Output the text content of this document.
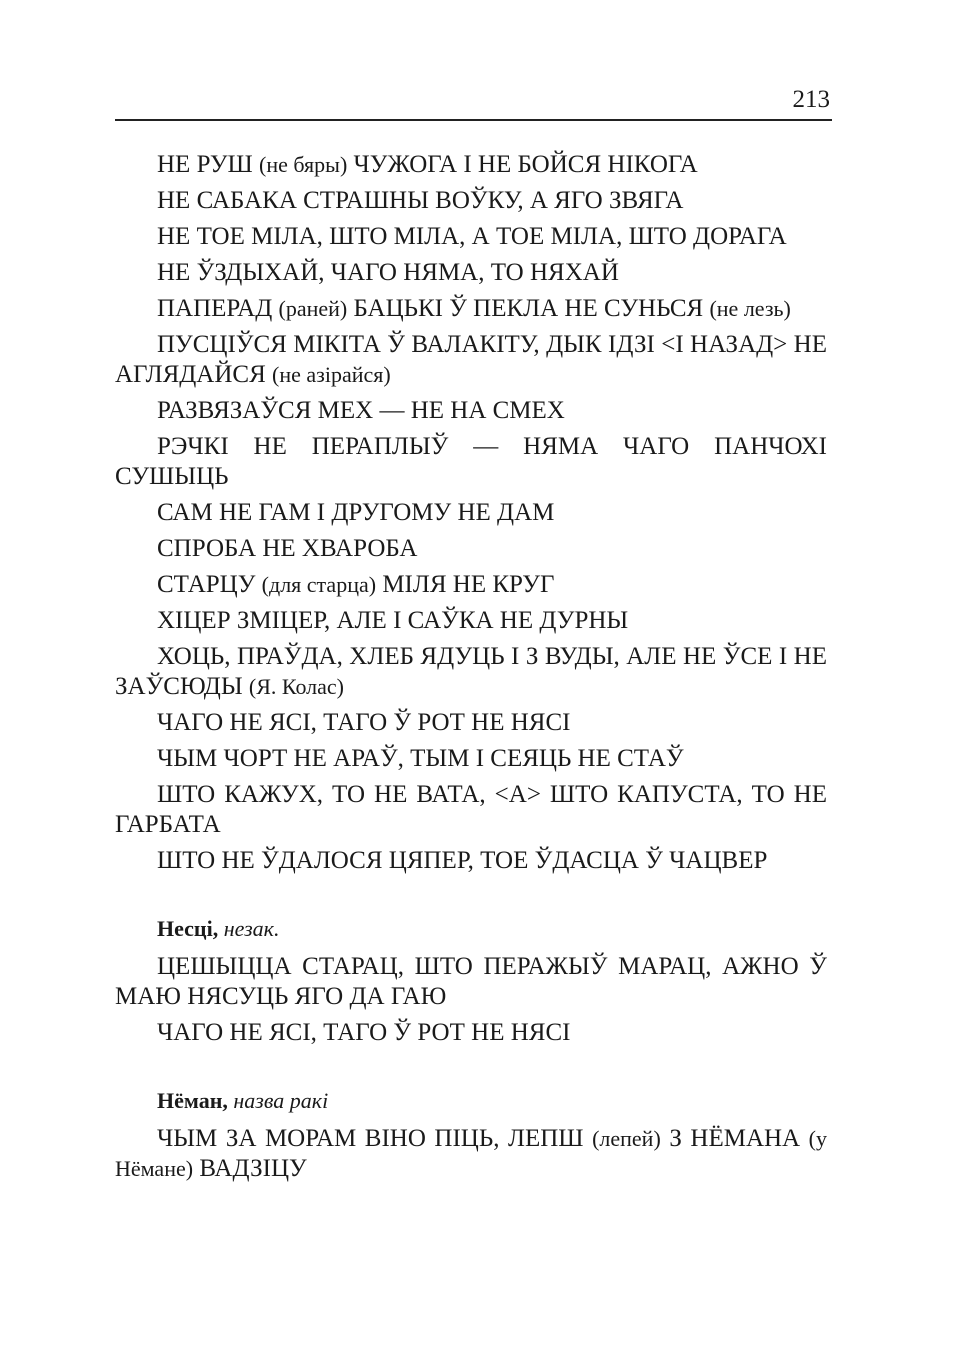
213

НЕ РУШ (не бяры) ЧУЖОГА І НЕ БОЙСЯ НІКОГА

НЕ САБАКА СТРАШНЫ ВОЎКУ, А ЯГО ЗВЯГА

НЕ ТОЕ МІЛА, ШТО МІЛА, А ТОЕ МІЛА, ШТО ДОРАГА

НЕ ЎЗДЫХАЙ, ЧАГО НЯМА, ТО НЯХАЙ

ПАПЕРАД (раней) БАЦЬКІ Ў ПЕКЛА НЕ СУНЬСЯ (не лезь)

ПУСЦІЎСЯ МІКІТА Ў ВАЛАКІТУ, ДЫК ІДЗІ <І НАЗАД> НЕ АГЛЯДАЙСЯ (не азірайся)

РАЗВЯЗАЎСЯ МЕХ — НЕ НА СМЕХ

РЭЧКІ НЕ ПЕРАПЛЫЎ — НЯМА ЧАГО ПАНЧОХІ СУШЫЦЬ

САМ НЕ ГАМ І ДРУГОМУ НЕ ДАМ

СПРОБА НЕ ХВАРОБА

СТАРЦУ (для старца) МІЛЯ НЕ КРУГ

ХІЦЕР ЗМІЦЕР, АЛЕ І САЎКА НЕ ДУРНЫ

ХОЦЬ, ПРАЎДА, ХЛЕБ ЯДУЦЬ І З ВУДЫ, АЛЕ НЕ ЎСЕ І НЕ ЗАЎСЮДЫ (Я. Колас)

ЧАГО НЕ ЯСІ, ТАГО Ў РОТ НЕ НЯСІ

ЧЫМ ЧОРТ НЕ АРАЎ, ТЫМ І СЕЯЦЬ НЕ СТАЎ

ШТО КАЖУХ, ТО НЕ ВАТА, <А> ШТО КАПУСТА, ТО НЕ ГАРБАТА

ШТО НЕ ЎДАЛОСЯ ЦЯПЕР, ТОЕ ЎДАСЦА Ў ЧАЦВЕР

Несці, незак.

ЦЕШЫЦЦА СТАРАЦ, ШТО ПЕРАЖЫЎ МАРАЦ, АЖНО Ў МАЮ НЯСУЦЬ ЯГО ДА ГАЮ

ЧАГО НЕ ЯСІ, ТАГО Ў РОТ НЕ НЯСІ

Нёман, назва ракі

ЧЫМ ЗА МОРАМ ВІНО ПІЦЬ, ЛЕПШ (лепей) З НЁМАНА (у Нёмане) ВАДЗІЦУ
